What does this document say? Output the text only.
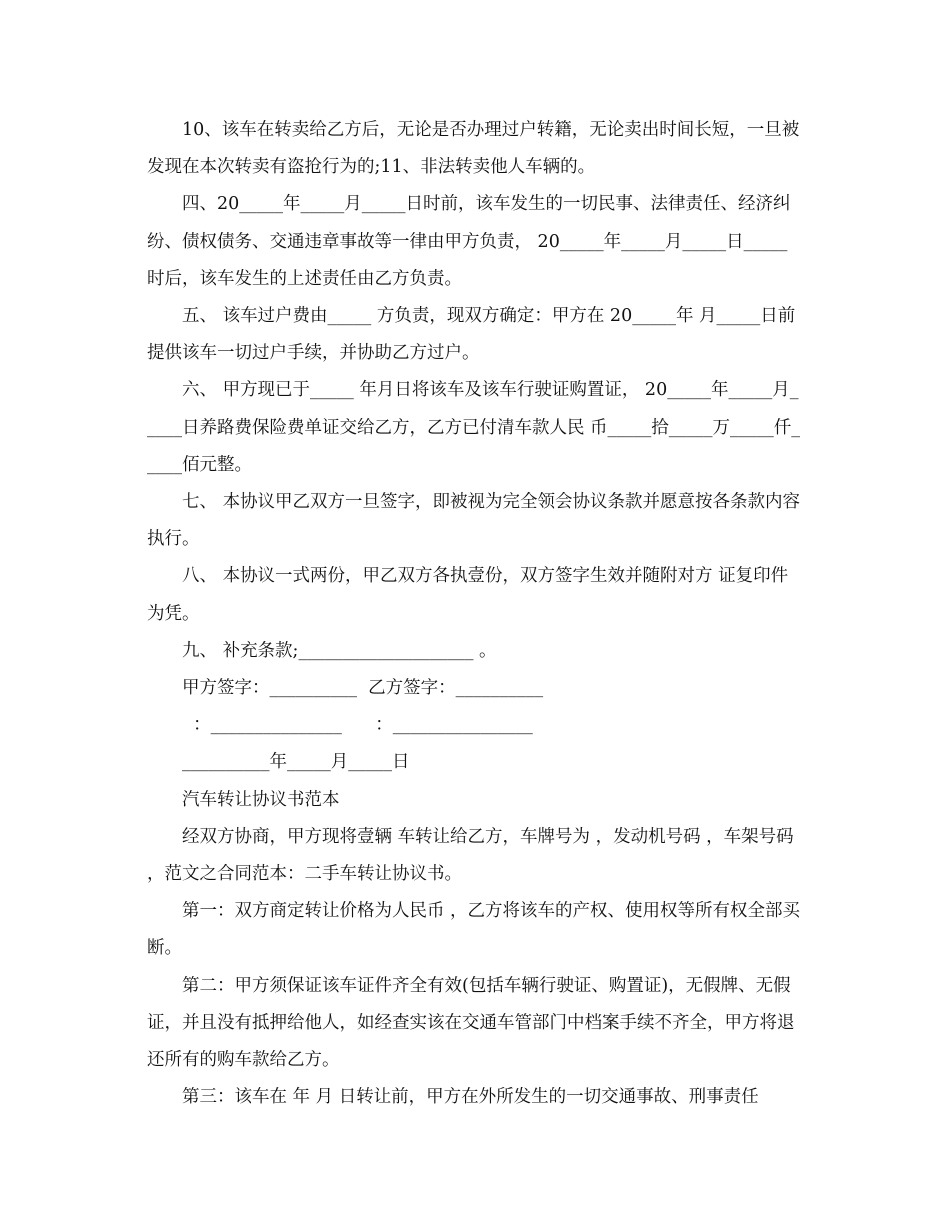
10、该车在转卖给乙方后，无论是否办理过户转籍，无论卖出时间长短，一旦被发现在本次转卖有盗抢行为的;11、非法转卖他人车辆的。

四、20_____年_____月_____日时前，该车发生的一切民事、法律责任、经济纠纷、债权债务、交通违章事故等一律由甲方负责， 20_____年_____月_____日_____时后，该车发生的上述责任由乙方负责。

五、 该车过户费由_____ 方负责，现双方确定：甲方在 20_____年 月_____日前提供该车一切过户手续，并协助乙方过户。

六、 甲方现已于_____ 年月日将该车及该车行驶证购置证， 20_____年_____月_____日养路费保险费单证交给乙方，乙方已付清车款人民 币_____拾_____万_____仟_____佰元整。

七、 本协议甲乙双方一旦签字，即被视为完全领会协议条款并愿意按各条款内容执行。

八、 本协议一式两份，甲乙双方各执壹份，双方签字生效并随附对方 证复印件为凭。

九、 补充条款;____________________ 。

甲方签字：__________  乙方签字：__________

：_______________      ：________________

__________年_____月_____日

汽车转让协议书范本

经双方协商，甲方现将壹辆 车转让给乙方，车牌号为 ，发动机号码 ，车架号码 ，范文之合同范本：二手车转让协议书。

第一：双方商定转让价格为人民币 ，乙方将该车的产权、使用权等所有权全部买断。

第二：甲方须保证该车证件齐全有效(包括车辆行驶证、购置证)，无假牌、无假证，并且没有抵押给他人，如经查实该在交通车管部门中档案手续不齐全，甲方将退还所有的购车款给乙方。

第三：该车在 年 月 日转让前，甲方在外所发生的一切交通事故、刑事责任
